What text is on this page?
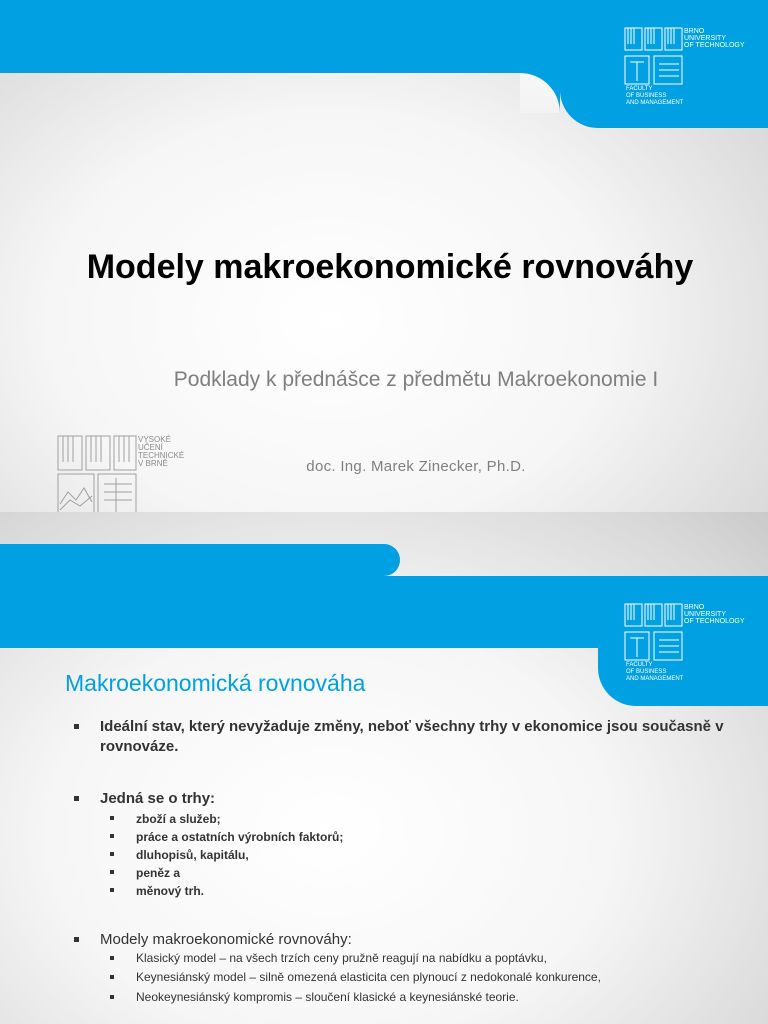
BRNO
UNIVERSITY
OF TECHNOLOGY
FACULTY
OF BUSINESS
AND MANAGEMENT
Modely makroekonomické rovnováhy
Podklady k přednášce z předmětu Makroekonomie I
doc. Ing. Marek Zinecker, Ph.D.
VYSOKÉ
UČENÍ
TECHNICKÉ
V BRNĚ
BRNO
UNIVERSITY
OF TECHNOLOGY
FACULTY
OF BUSINESS
AND MANAGEMENT
Makroekonomická rovnováha
Ideální stav, který nevyžaduje změny, neboť všechny trhy v ekonomice jsou současně v rovnováze.
Jedná se o trhy:
zboží a služeb;
práce a ostatních výrobních faktorů;
dluhopisů, kapitálu,
peněz a
měnový trh.
Modely makroekonomické rovnováhy:
Klasický model – na všech trzích ceny pružně reagují na nabídku a poptávku,
Keynesiánský model – silně omezená elasticita cen plynoucí z nedokonalé konkurence,
Neokeynesiánský kompromis – sloučení klasické a keynesiánské teorie.
